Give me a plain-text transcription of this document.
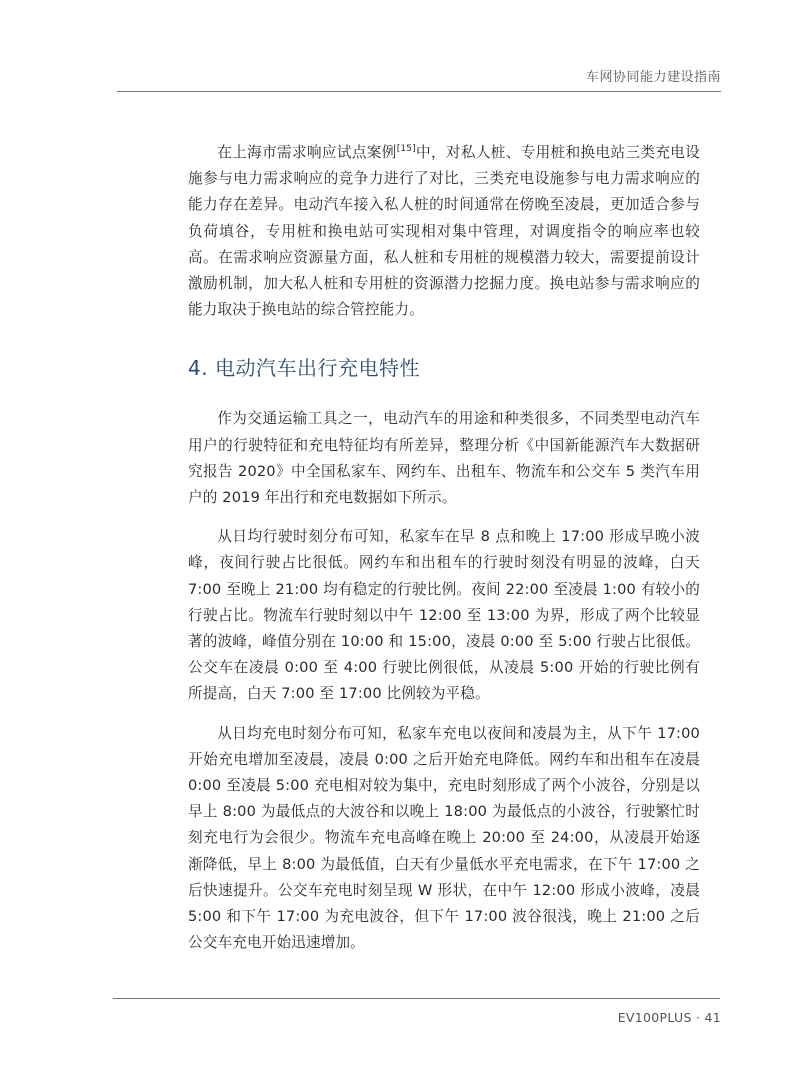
车网协同能力建设指南

在上海市需求响应试点案例[15]中，对私人桩、专用桩和换电站三类充电设施参与电力需求响应的竞争力进行了对比，三类充电设施参与电力需求响应的能力存在差异。电动汽车接入私人桩的时间通常在傍晚至凌晨，更加适合参与负荷填谷，专用桩和换电站可实现相对集中管理，对调度指令的响应率也较高。在需求响应资源量方面，私人桩和专用桩的规模潜力较大，需要提前设计激励机制，加大私人桩和专用桩的资源潜力挖掘力度。换电站参与需求响应的能力取决于换电站的综合管控能力。

4. 电动汽车出行充电特性

作为交通运输工具之一，电动汽车的用途和种类很多，不同类型电动汽车用户的行驶特征和充电特征均有所差异，整理分析《中国新能源汽车大数据研究报告 2020》中全国私家车、网约车、出租车、物流车和公交车 5 类汽车用户的 2019 年出行和充电数据如下所示。

从日均行驶时刻分布可知，私家车在早 8 点和晚上 17:00 形成早晚小波峰，夜间行驶占比很低。网约车和出租车的行驶时刻没有明显的波峰，白天 7:00 至晚上 21:00 均有稳定的行驶比例。夜间 22:00 至凌晨 1:00 有较小的行驶占比。物流车行驶时刻以中午 12:00 至 13:00 为界，形成了两个比较显著的波峰，峰值分别在 10:00 和 15:00，凌晨 0:00 至 5:00 行驶占比很低。公交车在凌晨 0:00 至 4:00 行驶比例很低，从凌晨 5:00 开始的行驶比例有所提高，白天 7:00 至 17:00 比例较为平稳。

从日均充电时刻分布可知，私家车充电以夜间和凌晨为主，从下午 17:00 开始充电增加至凌晨，凌晨 0:00 之后开始充电降低。网约车和出租车在凌晨 0:00 至凌晨 5:00 充电相对较为集中，充电时刻形成了两个小波谷，分别是以早上 8:00 为最低点的大波谷和以晚上 18:00 为最低点的小波谷，行驶繁忙时刻充电行为会很少。物流车充电高峰在晚上 20:00 至 24:00，从凌晨开始逐渐降低，早上 8:00 为最低值，白天有少量低水平充电需求，在下午 17:00 之后快速提升。公交车充电时刻呈现 W 形状，在中午 12:00 形成小波峰，凌晨 5:00 和下午 17:00 为充电波谷，但下午 17:00 波谷很浅，晚上 21:00 之后公交车充电开始迅速增加。

EV100PLUS · 41
